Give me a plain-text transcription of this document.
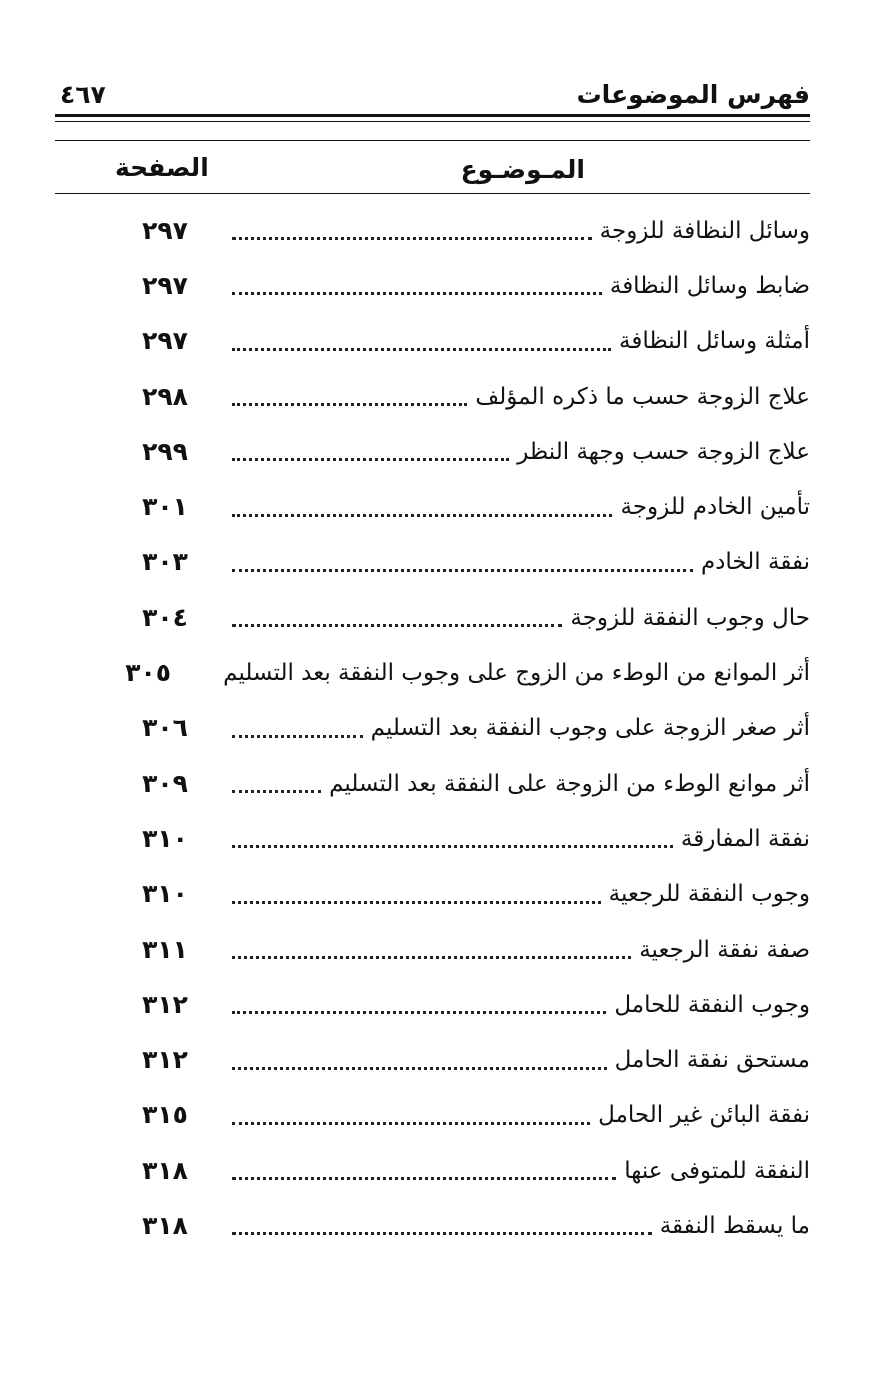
فهرس الموضوعات
٤٦٧
المـوضـوع
الصفحة
وسائل النظافة للزوجة
٢٩٧
ضابط وسائل النظافة
٢٩٧
أمثلة وسائل النظافة
٢٩٧
علاج الزوجة حسب ما ذكره المؤلف
٢٩٨
علاج الزوجة حسب وجهة النظر
٢٩٩
تأمين الخادم للزوجة
٣٠١
نفقة الخادم
٣٠٣
حال وجوب النفقة للزوجة
٣٠٤
أثر الموانع من الوطء من الزوج على وجوب النفقة بعد التسليم
٣٠٥
أثر صغر الزوجة على وجوب النفقة بعد التسليم
٣٠٦
أثر موانع الوطء من الزوجة على النفقة بعد التسليم
٣٠٩
نفقة المفارقة
٣١٠
وجوب النفقة للرجعية
٣١٠
صفة نفقة الرجعية
٣١١
وجوب النفقة للحامل
٣١٢
مستحق نفقة الحامل
٣١٢
نفقة البائن غير الحامل
٣١٥
النفقة للمتوفى عنها
٣١٨
ما يسقط النفقة
٣١٨
